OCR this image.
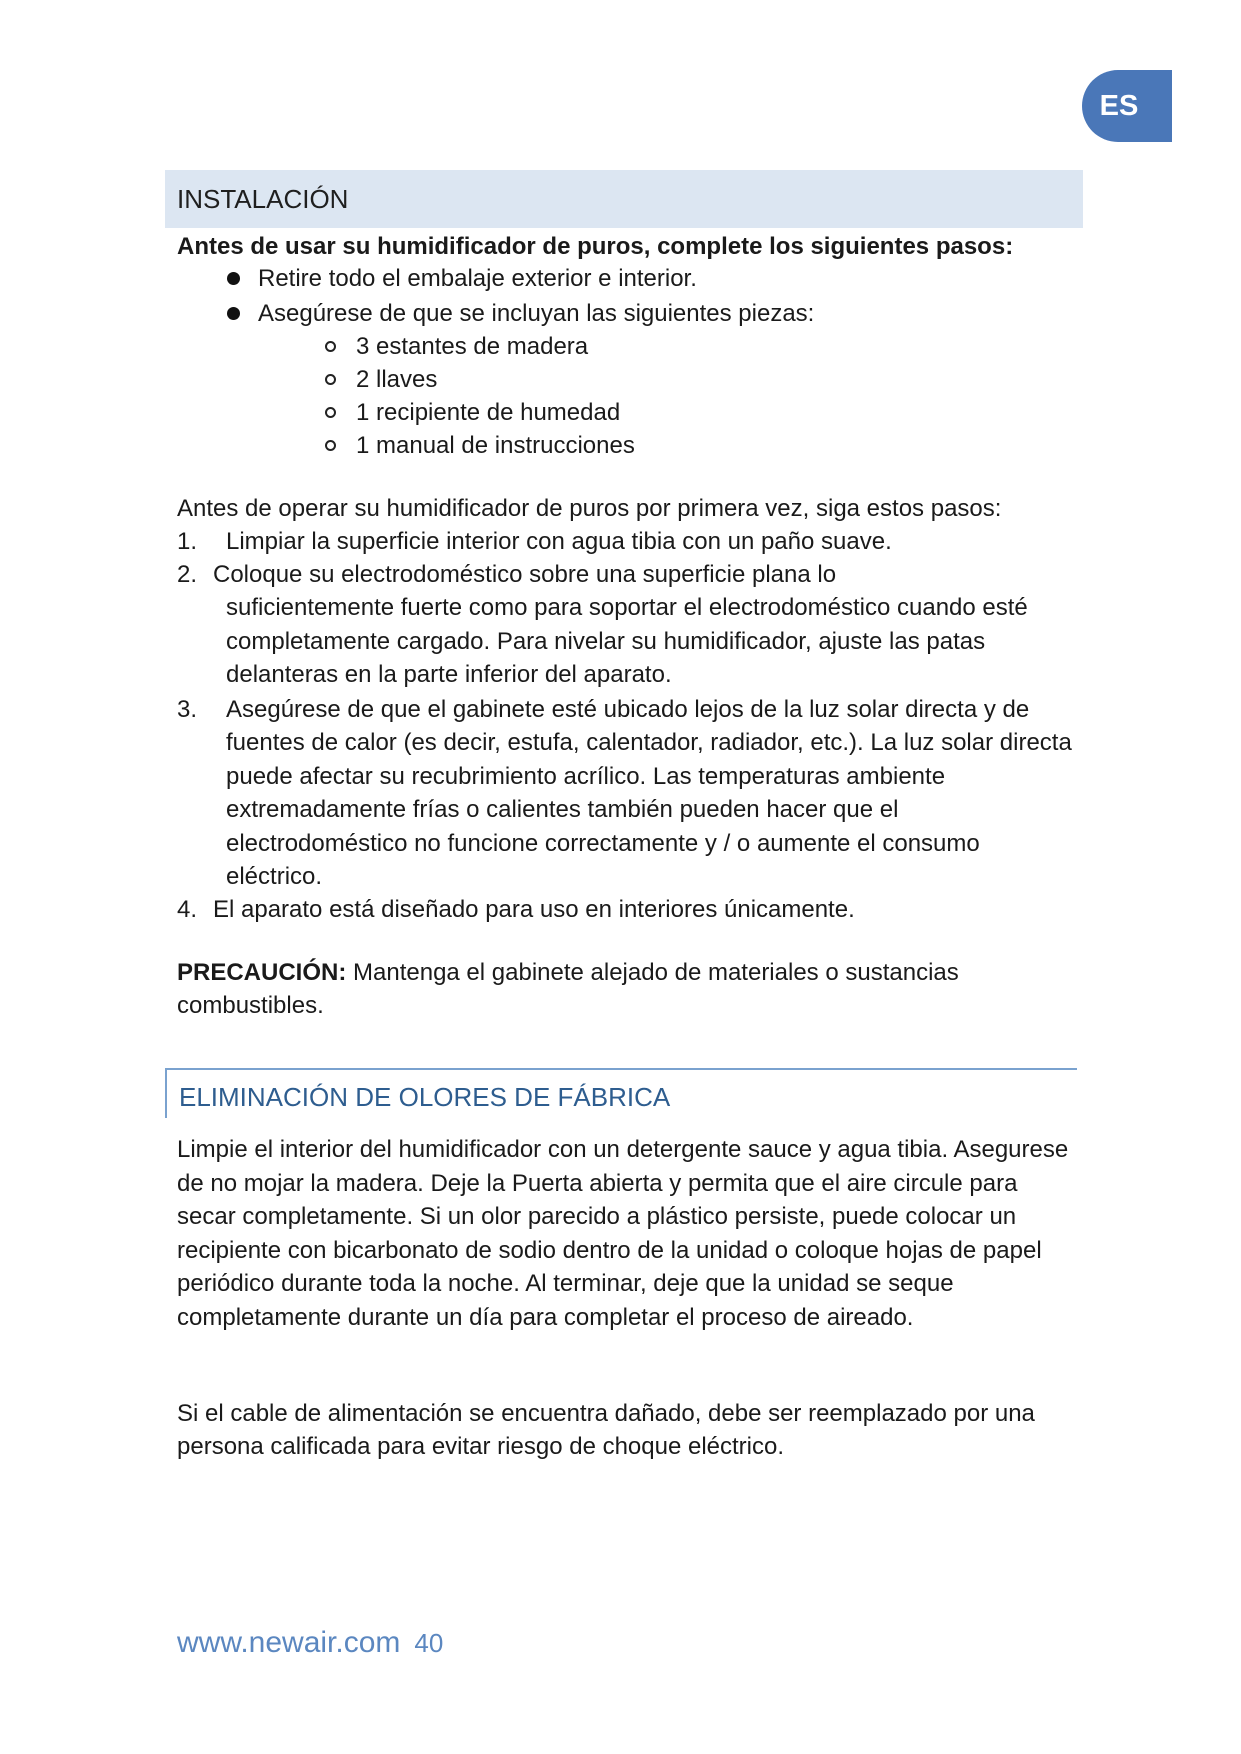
ES
INSTALACIÓN
Antes de usar su humidificador de puros, complete los siguientes pasos:
Retire todo el embalaje exterior e interior.
Asegúrese de que se incluyan las siguientes piezas:
3 estantes de madera
2 llaves
1 recipiente de humedad
1 manual de instrucciones
Antes de operar su humidificador de puros por primera vez, siga estos pasos:
1. Limpiar la superficie interior con agua tibia con un paño suave.
2. Coloque su electrodoméstico sobre una superficie plana lo
suficientemente fuerte como para soportar el electrodoméstico cuando esté completamente cargado. Para nivelar su humidificador, ajuste las patas delanteras en la parte inferior del aparato.
3. Asegúrese de que el gabinete esté ubicado lejos de la luz solar directa y de
fuentes de calor (es decir, estufa, calentador, radiador, etc.). La luz solar directa puede afectar su recubrimiento acrílico. Las temperaturas ambiente extremadamente frías o calientes también pueden hacer que el electrodoméstico no funcione correctamente y / o aumente el consumo eléctrico.
4. El aparato está diseñado para uso en interiores únicamente.
PRECAUCIÓN: Mantenga el gabinete alejado de materiales o sustancias combustibles.
ELIMINACIÓN DE OLORES DE FÁBRICA
Limpie el interior del humidificador con un detergente sauce y agua tibia. Asegurese de no mojar la madera. Deje la Puerta abierta y permita que el aire circule para secar completamente. Si un olor parecido a plástico persiste, puede colocar un recipiente con bicarbonato de sodio dentro de la unidad o coloque hojas de papel periódico durante toda la noche. Al terminar, deje que la unidad se seque completamente durante un día para completar el proceso de aireado.
Si el cable de alimentación se encuentra dañado, debe ser reemplazado por una persona calificada para evitar riesgo de choque eléctrico.
www.newair.com 40
